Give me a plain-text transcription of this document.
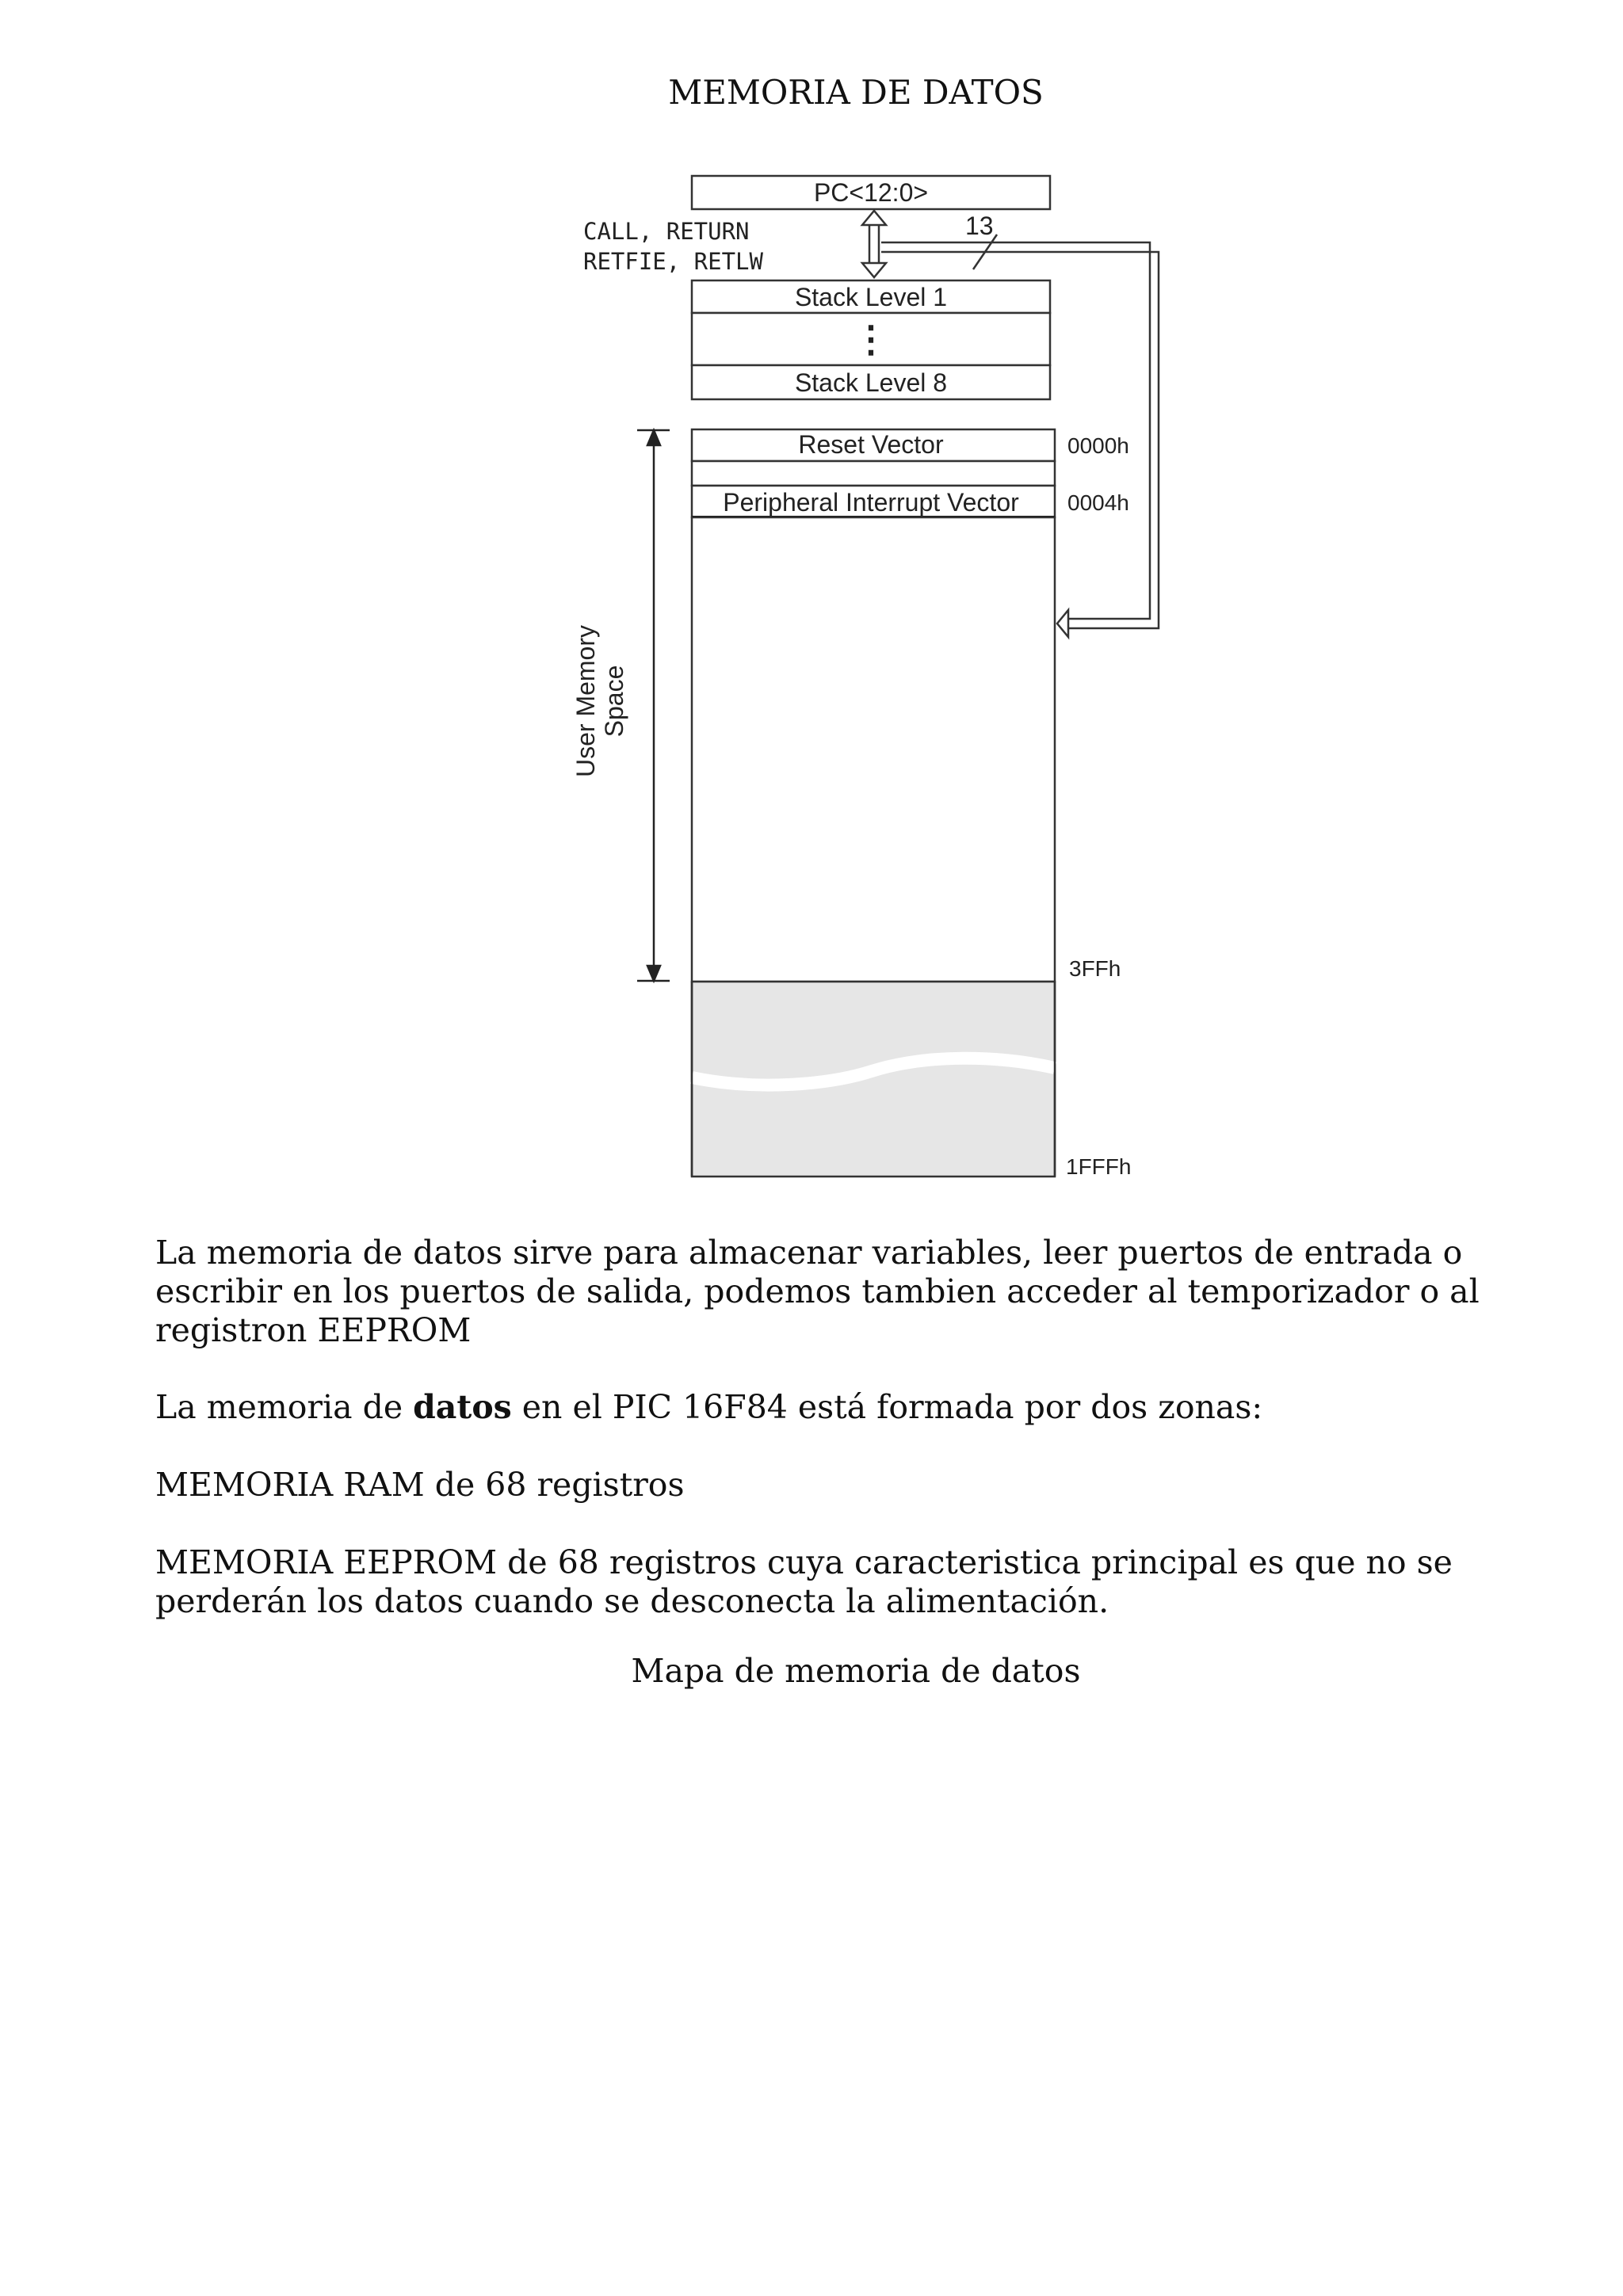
MEMORIA DE DATOS
PC<12:0>
CALL, RETURN
RETFIE, RETLW
13
Stack Level 1
⋮
Stack Level 8
Reset Vector
Peripheral Interrupt Vector
0000h
0004h
3FFh
1FFFh
User Memory Space

La memoria de datos sirve para almacenar variables, leer puertos de entrada o escribir en los puertos de salida, podemos tambien acceder al temporizador o al registron EEPROM

La memoria de datos en el PIC 16F84 está formada por dos zonas:

MEMORIA RAM de 68 registros

MEMORIA EEPROM de 68 registros cuya caracteristica principal es que no se perderán los datos cuando se desconecta la alimentación.

Mapa de memoria de datos
